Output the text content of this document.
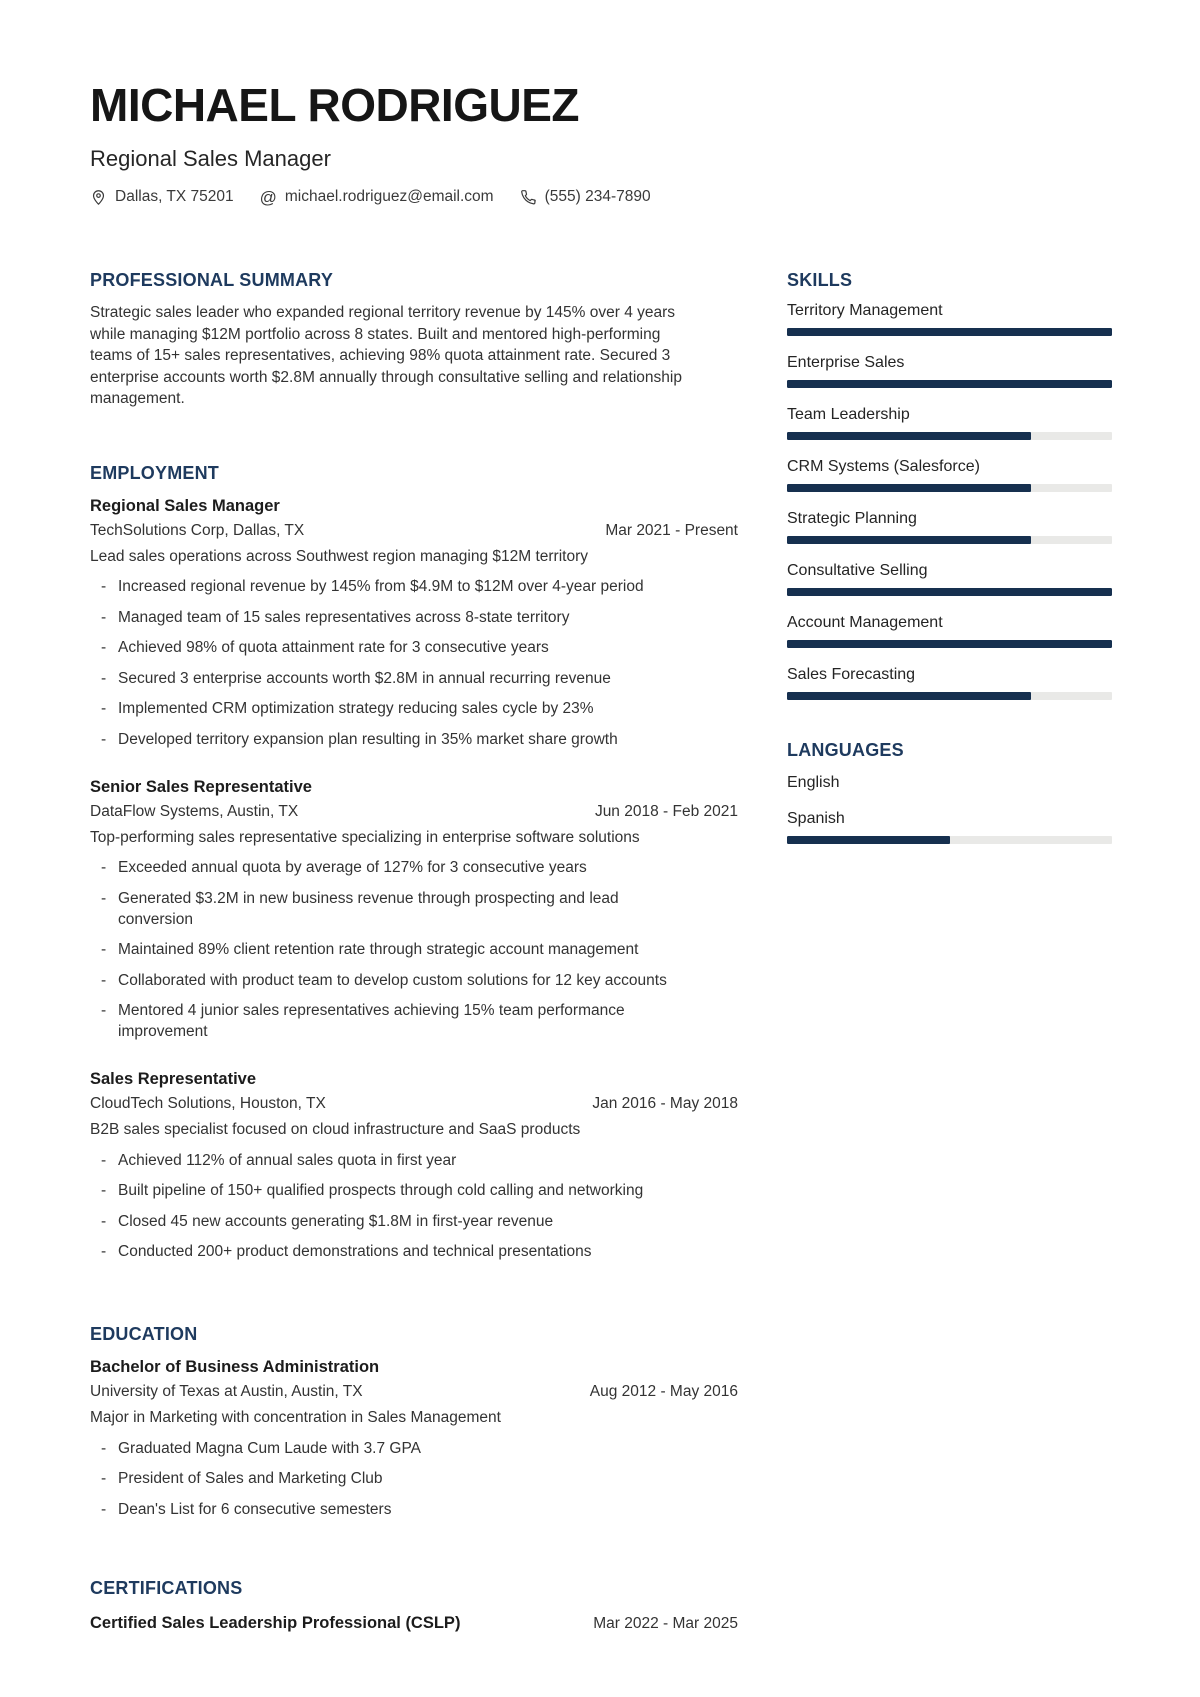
MICHAEL RODRIGUEZ
Regional Sales Manager
Dallas, TX 75201 @ michael.rodriguez@email.com	(555) 234-7890
PROFESSIONAL SUMMARY

Strategic sales leader who expanded regional territory revenue by 145% over 4 years while managing $12M portfolio across 8 states. Built and mentored high-performing teams of 15+ sales representatives, achieving 98% quota attainment rate. Secured 3 enterprise accounts worth $2.8M annually through consultative selling and relationship management.

EMPLOYMENT
Regional Sales Manager
TechSolutions Corp, Dallas, TX	Mar 2021 - Present
Lead sales operations across Southwest region managing $12M territory
- Increased regional revenue by 145% from $4.9M to $12M over 4-year period
- Managed team of 15 sales representatives across 8-state territory
- Achieved 98% of quota attainment rate for 3 consecutive years
- Secured 3 enterprise accounts worth $2.8M in annual recurring revenue
- Implemented CRM optimization strategy reducing sales cycle by 23%
- Developed territory expansion plan resulting in 35% market share growth
Senior Sales Representative
DataFlow Systems, Austin, TX	Jun 2018 - Feb 2021
Top-performing sales representative specializing in enterprise software solutions
- Exceeded annual quota by average of 127% for 3 consecutive years
- Generated $3.2M in new business revenue through prospecting and lead conversion
- Maintained 89% client retention rate through strategic account management
- Collaborated with product team to develop custom solutions for 12 key accounts
- Mentored 4 junior sales representatives achieving 15% team performance improvement
Sales Representative
CloudTech Solutions, Houston, TX	Jan 2016 - May 2018
B2B sales specialist focused on cloud infrastructure and SaaS products
- Achieved 112% of annual sales quota in first year
- Built pipeline of 150+ qualified prospects through cold calling and networking
- Closed 45 new accounts generating $1.8M in first-year revenue
- Conducted 200+ product demonstrations and technical presentations
EDUCATION
Bachelor of Business Administration
University of Texas at Austin, Austin, TX	Aug 2012 - May 2016
Major in Marketing with concentration in Sales Management
- Graduated Magna Cum Laude with 3.7 GPA
- President of Sales and Marketing Club
- Dean's List for 6 consecutive semesters
CERTIFICATIONS
Certified Sales Leadership Professional (CSLP)	Mar 2022 - Mar 2025
SKILLS
Territory Management
Enterprise Sales
Team Leadership
CRM Systems (Salesforce)
Strategic Planning
Consultative Selling
Account Management
Sales Forecasting
LANGUAGES
English
Spanish
